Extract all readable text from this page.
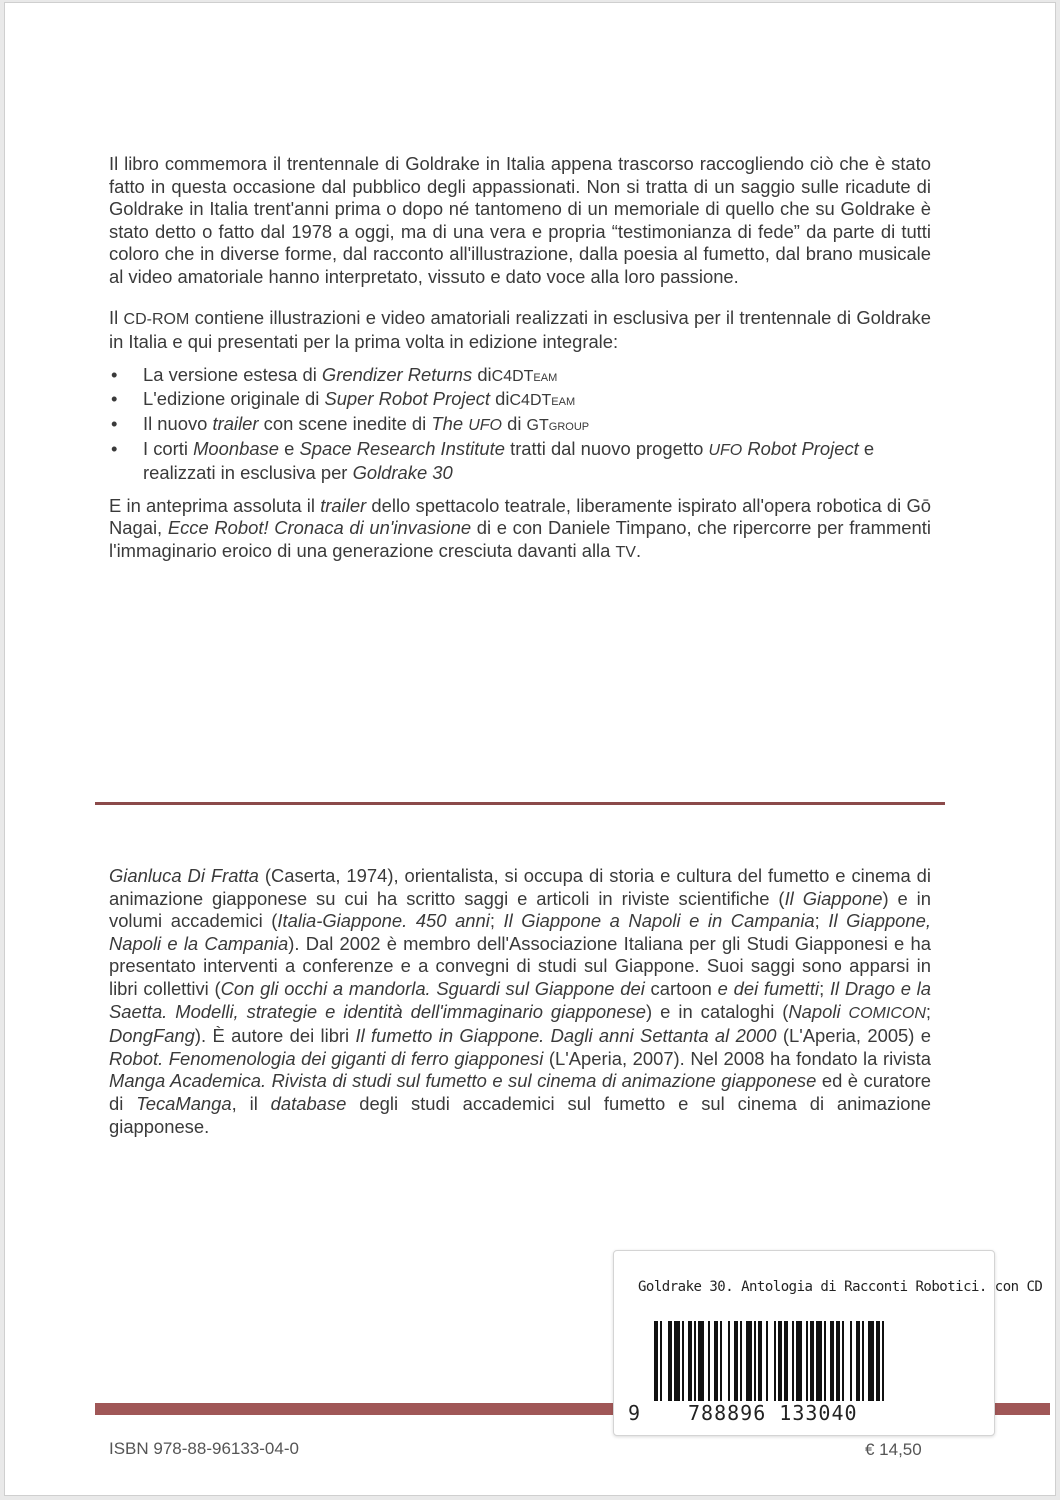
Il libro commemora il trentennale di Goldrake in Italia appena trascorso raccogliendo ciò che è stato fatto in questa occasione dal pubblico degli appassionati. Non si tratta di un saggio sulle ricadute di Goldrake in Italia trent'anni prima o dopo né tantomeno di un memoriale di quello che su Goldrake è stato detto o fatto dal 1978 a oggi, ma di una vera e propria “testimonianza di fede” da parte di tutti coloro che in diverse forme, dal racconto all'illustrazione, dalla poesia al fumetto, dal brano musicale al video amatoriale hanno interpretato, vissuto e dato voce alla loro passione.

Il CD-ROM contiene illustrazioni e video amatoriali realizzati in esclusiva per il trentennale di Goldrake in Italia e qui presentati per la prima volta in edizione integrale:

• La versione estesa di Grendizer Returns diC4DTeam
• L'edizione originale di Super Robot Project diC4DTeam
• Il nuovo trailer con scene inedite di The UFO di GTgroup
• I corti Moonbase e Space Research Institute tratti dal nuovo progetto UFO Robot Project e realizzati in esclusiva per Goldrake 30

E in anteprima assoluta il trailer dello spettacolo teatrale, liberamente ispirato all'opera robotica di Gō Nagai, Ecce Robot! Cronaca di un'invasione di e con Daniele Timpano, che ripercorre per frammenti l'immaginario eroico di una generazione cresciuta davanti alla TV.

Gianluca Di Fratta (Caserta, 1974), orientalista, si occupa di storia e cultura del fumetto e cinema di animazione giapponese su cui ha scritto saggi e articoli in riviste scientifiche (Il Giappone) e in volumi accademici (Italia-Giappone. 450 anni; Il Giappone a Napoli e in Campania; Il Giappone, Napoli e la Campania). Dal 2002 è membro dell'Associazione Italiana per gli Studi Giapponesi e ha presentato interventi a conferenze e a convegni di studi sul Giappone. Suoi saggi sono apparsi in libri collettivi (Con gli occhi a mandorla. Sguardi sul Giappone dei cartoon e dei fumetti; Il Drago e la Saetta. Modelli, strategie e identità dell'immaginario giapponese) e in cataloghi (Napoli COMICON; DongFang). È autore dei libri Il fumetto in Giappone. Dagli anni Settanta al 2000 (L'Aperia, 2005) e Robot. Fenomenologia dei giganti di ferro giapponesi (L'Aperia, 2007). Nel 2008 ha fondato la rivista Manga Academica. Rivista di studi sul fumetto e sul cinema di animazione giapponese ed è curatore di TecaManga, il database degli studi accademici sul fumetto e sul cinema di animazione giapponese.

ISBN 978-88-96133-04-0	€ 14,50
Goldrake 30. Antologia di Racconti Robotici. con CD
9 788896 133040
